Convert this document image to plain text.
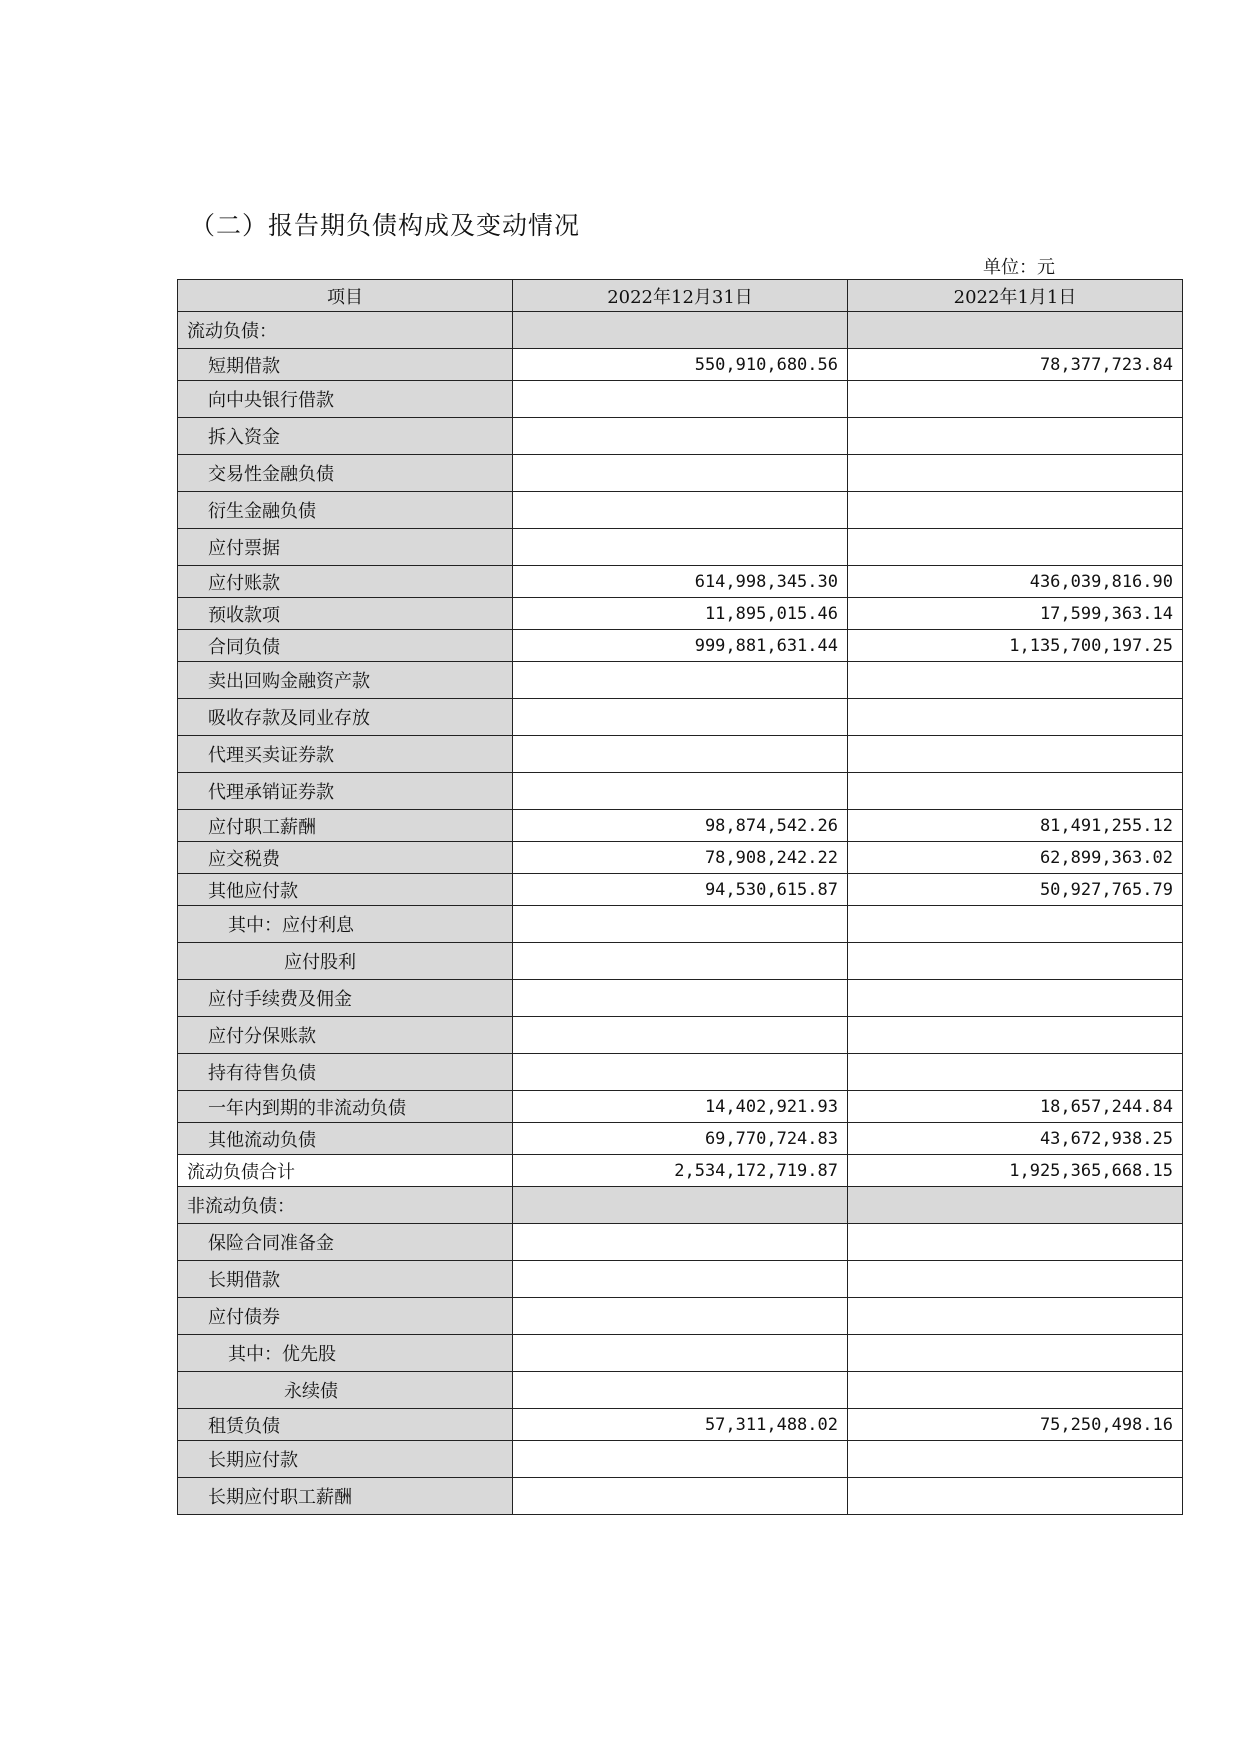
（二）报告期负债构成及变动情况
单位：元
项目	2022年12月31日	2022年1月1日
流动负债：		
短期借款	550,910,680.56	78,377,723.84
向中央银行借款		
拆入资金		
交易性金融负债		
衍生金融负债		
应付票据		
应付账款	614,998,345.30	436,039,816.90
预收款项	11,895,015.46	17,599,363.14
合同负债	999,881,631.44	1,135,700,197.25
卖出回购金融资产款		
吸收存款及同业存放		
代理买卖证券款		
代理承销证券款		
应付职工薪酬	98,874,542.26	81,491,255.12
应交税费	78,908,242.22	62,899,363.02
其他应付款	94,530,615.87	50,927,765.79
其中：应付利息		
应付股利		
应付手续费及佣金		
应付分保账款		
持有待售负债		
一年内到期的非流动负债	14,402,921.93	18,657,244.84
其他流动负债	69,770,724.83	43,672,938.25
流动负债合计	2,534,172,719.87	1,925,365,668.15
非流动负债：		
保险合同准备金		
长期借款		
应付债券		
其中：优先股		
永续债		
租赁负债	57,311,488.02	75,250,498.16
长期应付款		
长期应付职工薪酬		
